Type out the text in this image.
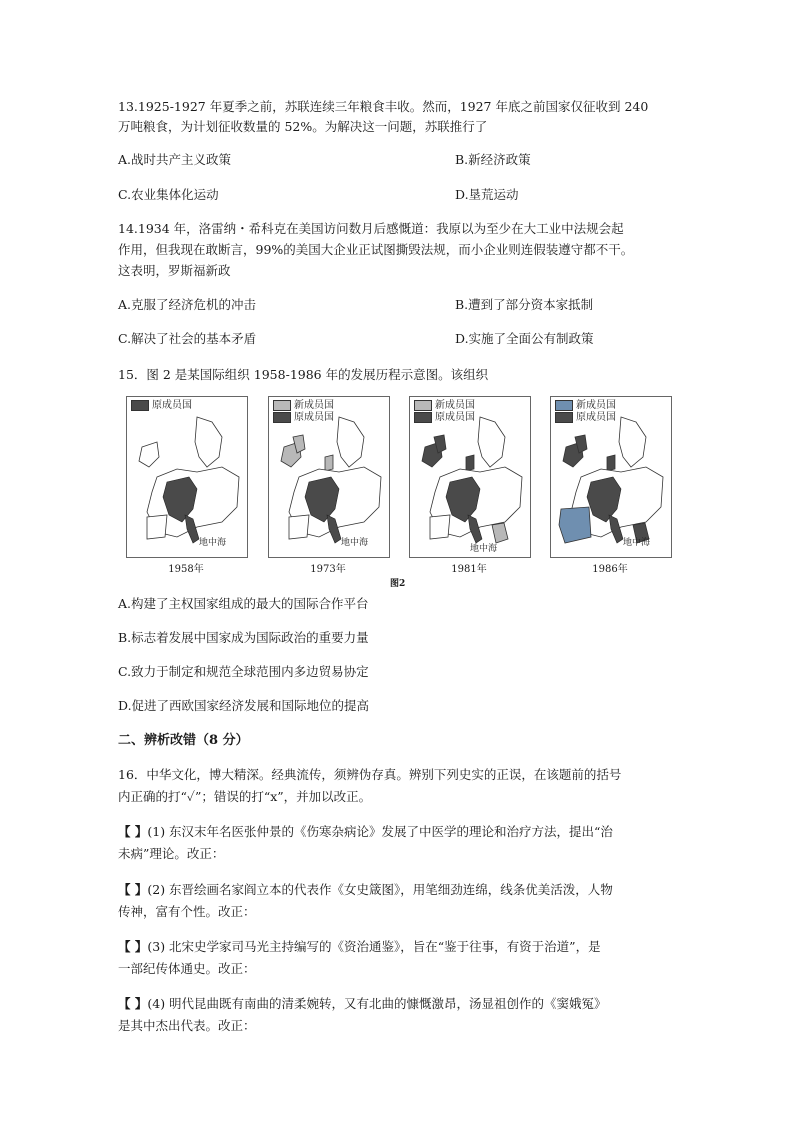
13.1925-1927 年夏季之前，苏联连续三年粮食丰收。然而，1927 年底之前国家仅征收到 240
万吨粮食，为计划征收数量的 52%。为解决这一问题，苏联推行了
A.战时共产主义政策	B.新经济政策
C.农业集体化运动	D.垦荒运动
14.1934 年，洛雷纳・希科克在美国访问数月后感慨道：我原以为至少在大工业中法规会起
作用，但我现在敢断言，99%的美国大企业正试图撕毁法规，而小企业则连假装遵守都不干。
这表明，罗斯福新政
A.克服了经济危机的冲击	B.遭到了部分资本家抵制
C.解决了社会的基本矛盾	D.实施了全面公有制政策
15．图 2 是某国际组织 1958-1986 年的发展历程示意图。该组织
原成员国
地中海
新成员国
原成员国
地中海
新成员国
原成员国
地中海
新成员国
原成员国
地中海
1958年	1973年	1981年	1986年
图2
A.构建了主权国家组成的最大的国际合作平台
B.标志着发展中国家成为国际政治的重要力量
C.致力于制定和规范全球范围内多边贸易协定
D.促进了西欧国家经济发展和国际地位的提高
二、辨析改错（8 分）
16．中华文化，博大精深。经典流传，须辨伪存真。辨别下列史实的正误，在该题前的括号
内正确的打“✓”；错误的打“x”，并加以改正。
【 】(1) 东汉末年名医张仲景的《伤寒杂病论》发展了中医学的理论和治疗方法，提出“治
未病”理论。改正：
【 】(2) 东晋绘画名家阎立本的代表作《女史箴图》，用笔细劲连绵，线条优美活泼，人物
传神，富有个性。改正：
【 】(3) 北宋史学家司马光主持编写的《资治通鉴》，旨在“鉴于往事，有资于治道”，是
一部纪传体通史。改正：
【 】(4) 明代昆曲既有南曲的清柔婉转，又有北曲的慷慨激昂，汤显祖创作的《窦娥冤》
是其中杰出代表。改正：
